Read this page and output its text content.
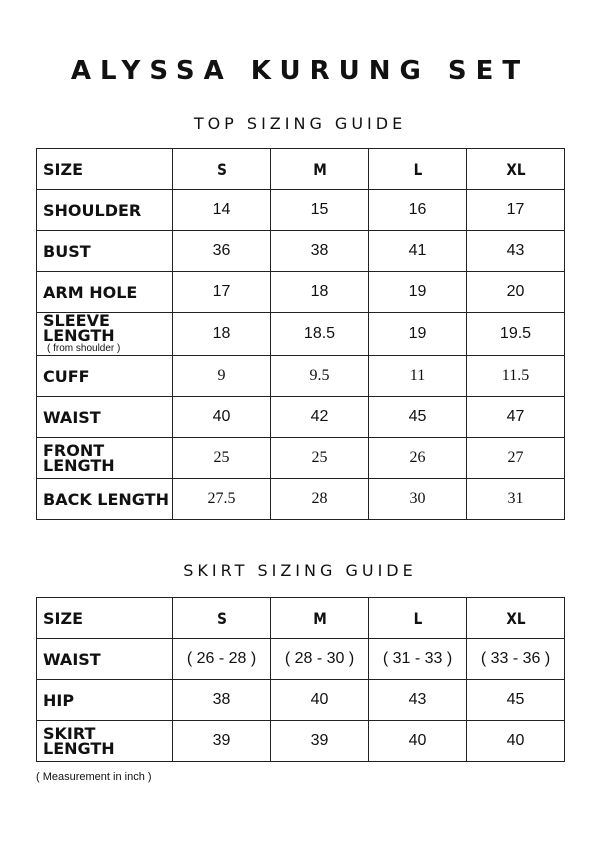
ALYSSA KURUNG SET
TOP SIZING GUIDE
SIZE	S	M	L	XL
SHOULDER	14	15	16	17
BUST	36	38	41	43
ARM HOLE	17	18	19	20
SLEEVE LENGTH
( from shoulder )	18	18.5	19	19.5
CUFF	9	9.5	11	11.5
WAIST	40	42	45	47
FRONT LENGTH	25	25	26	27
BACK LENGTH	27.5	28	30	31
SKIRT SIZING GUIDE
SIZE	S	M	L	XL
WAIST	( 26 - 28 )	( 28 - 30 )	( 31 - 33 )	( 33 - 36 )
HIP	38	40	43	45
SKIRT LENGTH	39	39	40	40
( Measurement in inch )
